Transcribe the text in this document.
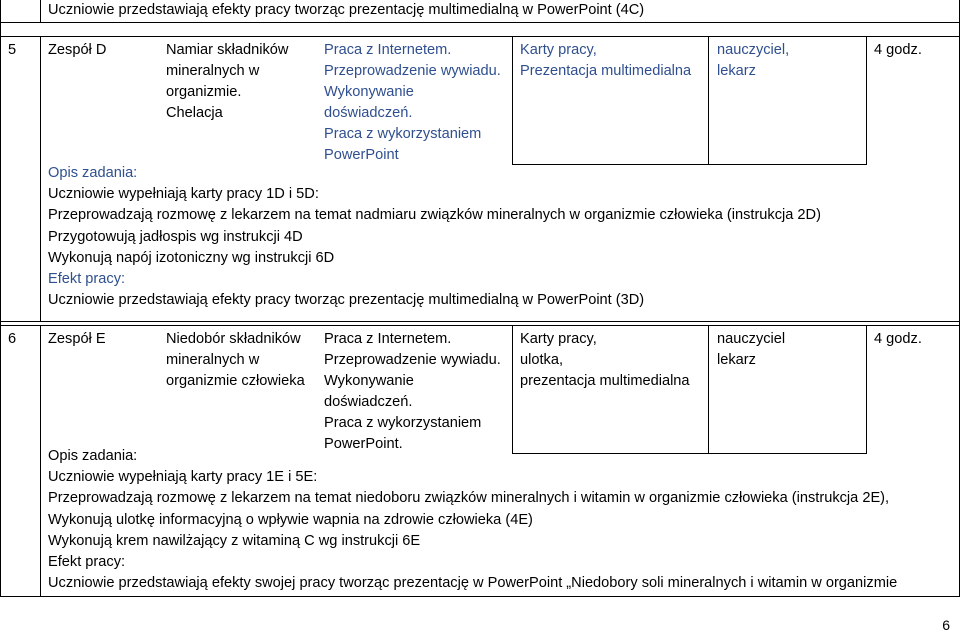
Uczniowie przedstawiają efekty pracy tworząc prezentację multimedialną w PowerPoint (4C)
5 Zespół D	Namiar składników
mineralnych w
organizmie.
Chelacja
Praca z Internetem.
Przeprowadzenie wywiadu.
Wykonywanie
doświadczeń.
Praca z wykorzystaniem
PowerPoint
Karty pracy,
Prezentacja multimedialna
nauczyciel,
lekarz
4 godz.
Opis zadania:
Uczniowie wypełniają karty pracy 1D i 5D:
Przeprowadzają rozmowę z lekarzem na temat nadmiaru związków mineralnych w organizmie człowieka (instrukcja 2D)
Przygotowują jadłospis wg instrukcji 4D
Wykonują napój izotoniczny wg instrukcji 6D
Efekt pracy:
Uczniowie przedstawiają efekty pracy tworząc prezentację multimedialną w PowerPoint (3D)
6 Zespół E	Niedobór składników
mineralnych w
organizmie człowieka
Praca z Internetem.
Przeprowadzenie wywiadu.
Wykonywanie
doświadczeń.
Praca z wykorzystaniem
PowerPoint.
Karty pracy,
ulotka,
prezentacja multimedialna
nauczyciel
lekarz
4 godz.
Opis zadania:
Uczniowie wypełniają karty pracy 1E i 5E:
Przeprowadzają rozmowę z lekarzem na temat niedoboru związków mineralnych i witamin w organizmie człowieka (instrukcja 2E),
Wykonują ulotkę informacyjną o wpływie wapnia na zdrowie człowieka (4E)
Wykonują krem nawilżający z witaminą C wg instrukcji 6E
Efekt pracy:
Uczniowie przedstawiają efekty swojej pracy tworząc prezentację w PowerPoint „Niedobory soli mineralnych i witamin w organizmie
6
